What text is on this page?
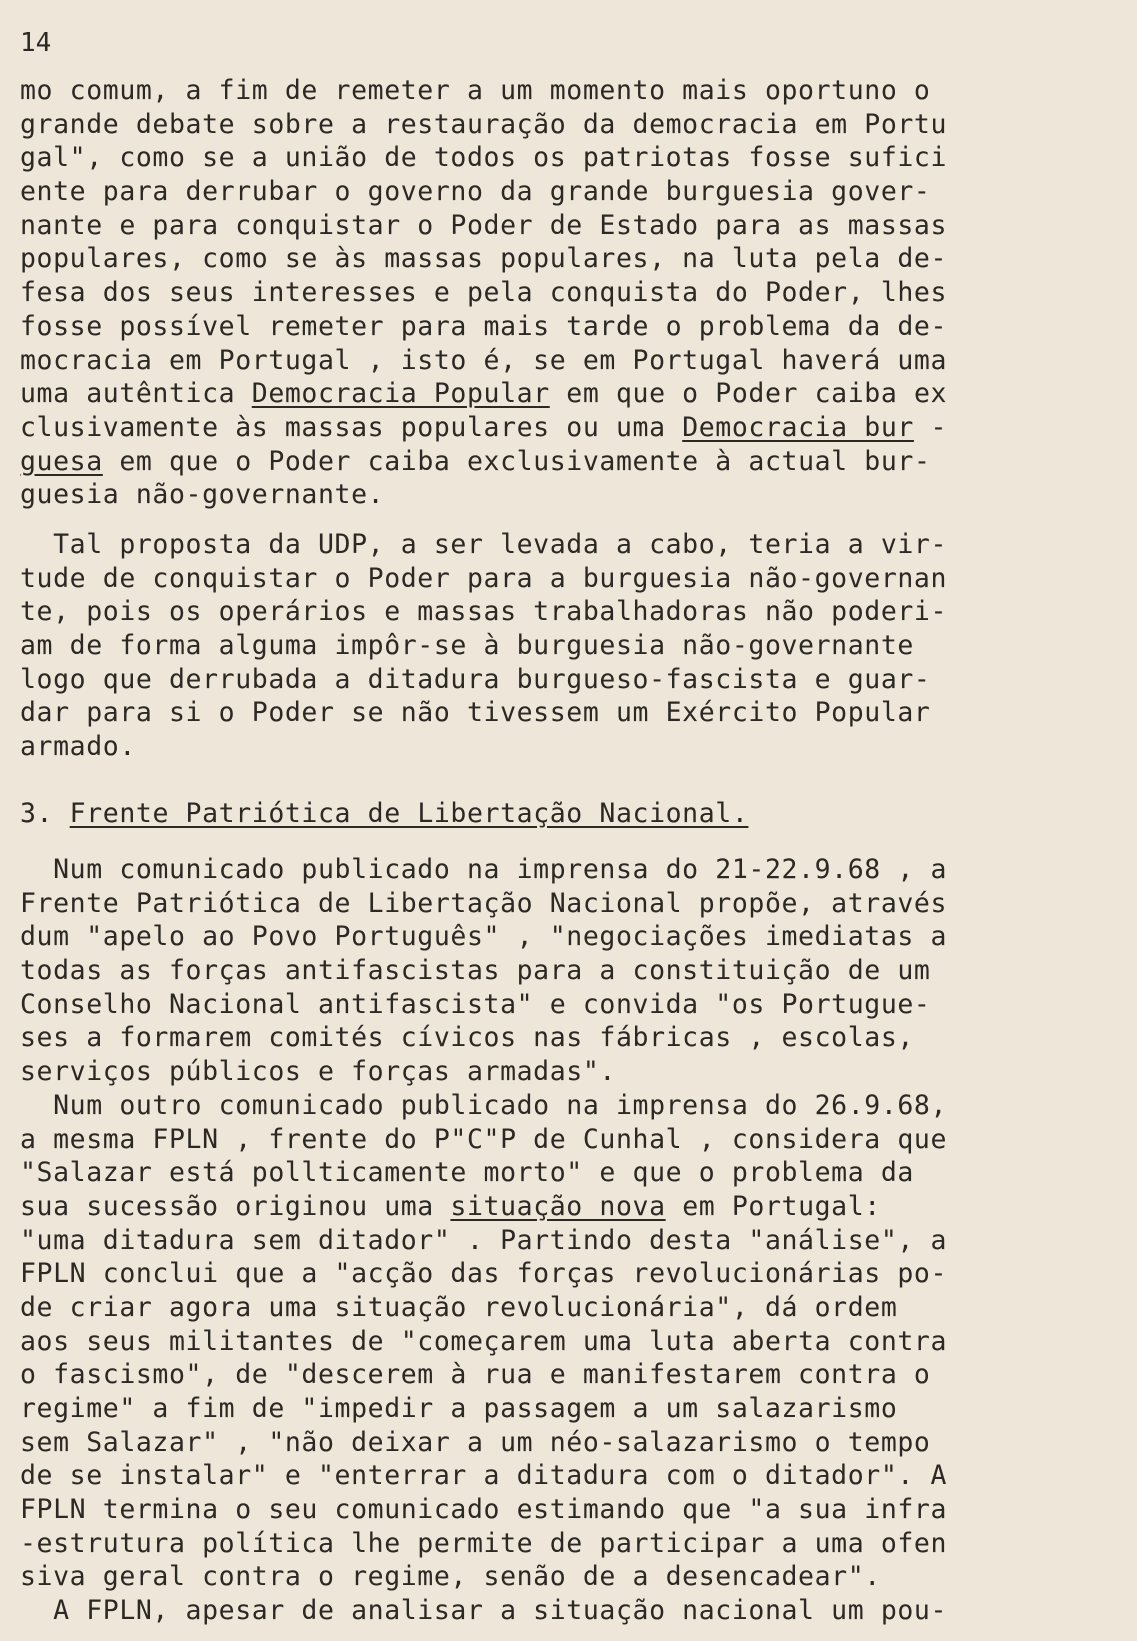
14
mo comum, a fim de remeter a um momento mais oportuno o
grande debate sobre a restauração da democracia em Portu
gal", como se a união de todos os patriotas fosse sufici
ente para derrubar o governo da grande burguesia gover-
nante e para conquistar o Poder de Estado para as massas
populares, como se às massas populares, na luta pela de-
fesa dos seus interesses e pela conquista do Poder, lhes
fosse possível remeter para mais tarde o problema da de-
mocracia em Portugal , isto é, se em Portugal haverá uma
uma autêntica Democracia Popular em que o Poder caiba ex
clusivamente às massas populares ou uma Democracia bur -
guesa em que o Poder caiba exclusivamente à actual bur-
guesia não-governante.
Tal proposta da UDP, a ser levada a cabo, teria a vir-
tude de conquistar o Poder para a burguesia não-governan
te, pois os operários e massas trabalhadoras não poderi-
am de forma alguma impôr-se à burguesia não-governante
logo que derrubada a ditadura burgueso-fascista e guar-
dar para si o Poder se não tivessem um Exército Popular
armado.
3. Frente Patriótica de Libertação Nacional.
Num comunicado publicado na imprensa do 21-22.9.68 , a
Frente Patriótica de Libertação Nacional propõe, através
dum "apelo ao Povo Português" , "negociações imediatas a
todas as forças antifascistas para a constituição de um
Conselho Nacional antifascista" e convida "os Portugue-
ses a formarem comités cívicos nas fábricas , escolas,
serviços públicos e forças armadas".
Num outro comunicado publicado na imprensa do 26.9.68,
a mesma FPLN , frente do P"C"P de Cunhal , considera que
"Salazar está pollticamente morto" e que o problema da
sua sucessão originou uma situação nova em Portugal:
"uma ditadura sem ditador" . Partindo desta "análise", a
FPLN conclui que a "acção das forças revolucionárias po-
de criar agora uma situação revolucionária", dá ordem
aos seus militantes de "começarem uma luta aberta contra
o fascismo", de "descerem à rua e manifestarem contra o
regime" a fim de "impedir a passagem a um salazarismo
sem Salazar" , "não deixar a um néo-salazarismo o tempo
de se instalar" e "enterrar a ditadura com o ditador". A
FPLN termina o seu comunicado estimando que "a sua infra
-estrutura política lhe permite de participar a uma ofen
siva geral contra o regime, senão de a desencadear".
A FPLN, apesar de analisar a situação nacional um pou-
